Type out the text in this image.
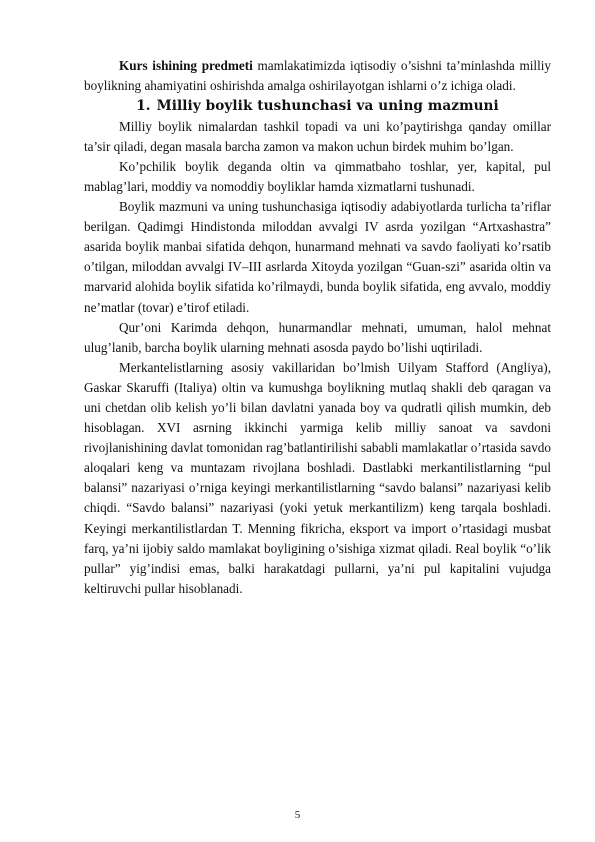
Kurs ishining predmeti mamlakatimizda iqtisodiy o’sishni ta’minlashda milliy boylikning ahamiyatini oshirishda amalga oshirilayotgan ishlarni o’z ichiga oladi.

1. Milliy boylik tushunchasi va uning mazmuni

Milliy boylik nimalardan tashkil topadi va uni ko’paytirishga qanday omillar ta’sir qiladi, degan masala barcha zamon va makon uchun birdek muhim bo’lgan.

Ko’pchilik boylik deganda oltin va qimmatbaho toshlar, yer, kapital, pul mablag’lari, moddiy va nomoddiy boyliklar hamda xizmatlarni tushunadi.

Boylik mazmuni va uning tushunchasiga iqtisodiy adabiyotlarda turlicha ta’riflar berilgan. Qadimgi Hindistonda miloddan avvalgi IV asrda yozilgan “Artxashastra” asarida boylik manbai sifatida dehqon, hunarmand mehnati va savdo faoliyati ko’rsatib o’tilgan, miloddan avvalgi IV–III asrlarda Xitoyda yozilgan “Guan-szi” asarida oltin va marvarid alohida boylik sifatida ko’rilmaydi, bunda boylik sifatida, eng avvalo, moddiy ne’matlar (tovar) e’tirof etiladi.

Qur’oni Karimda dehqon, hunarmandlar mehnati, umuman, halol mehnat ulug’lanib, barcha boylik ularning mehnati asosda paydo bo’lishi uqtiriladi.

Merkantelistlarning asosiy vakillaridan bo’lmish Uilyam Stafford (Angliya), Gaskar Skaruffi (Italiya) oltin va kumushga boylikning mutlaq shakli deb qaragan va uni chetdan olib kelish yo’li bilan davlatni yanada boy va qudratli qilish mumkin, deb hisoblagan. XVI asrning ikkinchi yarmiga kelib milliy sanoat va savdoni rivojlanishining davlat tomonidan rag’batlantirilishi sababli mamlakatlar o’rtasida savdo aloqalari keng va muntazam rivojlana boshladi. Dastlabki merkantilistlarning “pul balansi” nazariyasi o’rniga keyingi merkantilistlarning “savdo balansi” nazariyasi kelib chiqdi. “Savdo balansi” nazariyasi (yoki yetuk merkantilizm) keng tarqala boshladi. Keyingi merkantilistlardan T. Menning fikricha, eksport va import o’rtasidagi musbat farq, ya’ni ijobiy saldo mamlakat boyligining o’sishiga xizmat qiladi. Real boylik “o’lik pullar” yig’indisi emas, balki harakatdagi pullarni, ya’ni pul kapitalini vujudga keltiruvchi pullar hisoblanadi.

5
